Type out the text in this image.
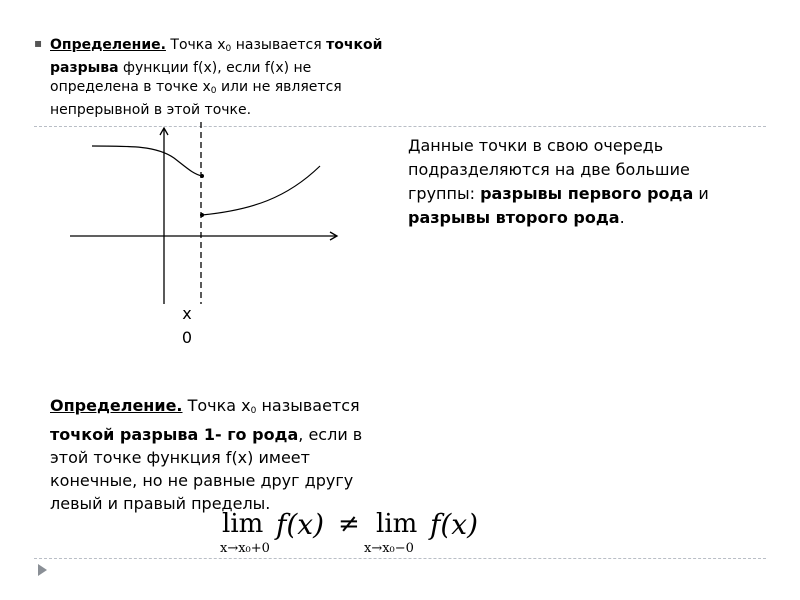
▪ Определение. Точка $x_0$ называется точкой разрыва функции f(x), если f(x) не определена в точке $x_0$ или не является непрерывной в этой точке.
x
0
Данные точки в свою очередь подразделяются на две большие группы: разрывы первого рода и разрывы второго рода.
Определение. Точка $x_0$ называется точкой разрыва 1- го рода, если в этой точке функция f(x) имеет конечные, но не равные друг другу левый и правый пределы.
lim
x→x₀+0
f(x) ≠ lim
x→x₀−0
f(x)
